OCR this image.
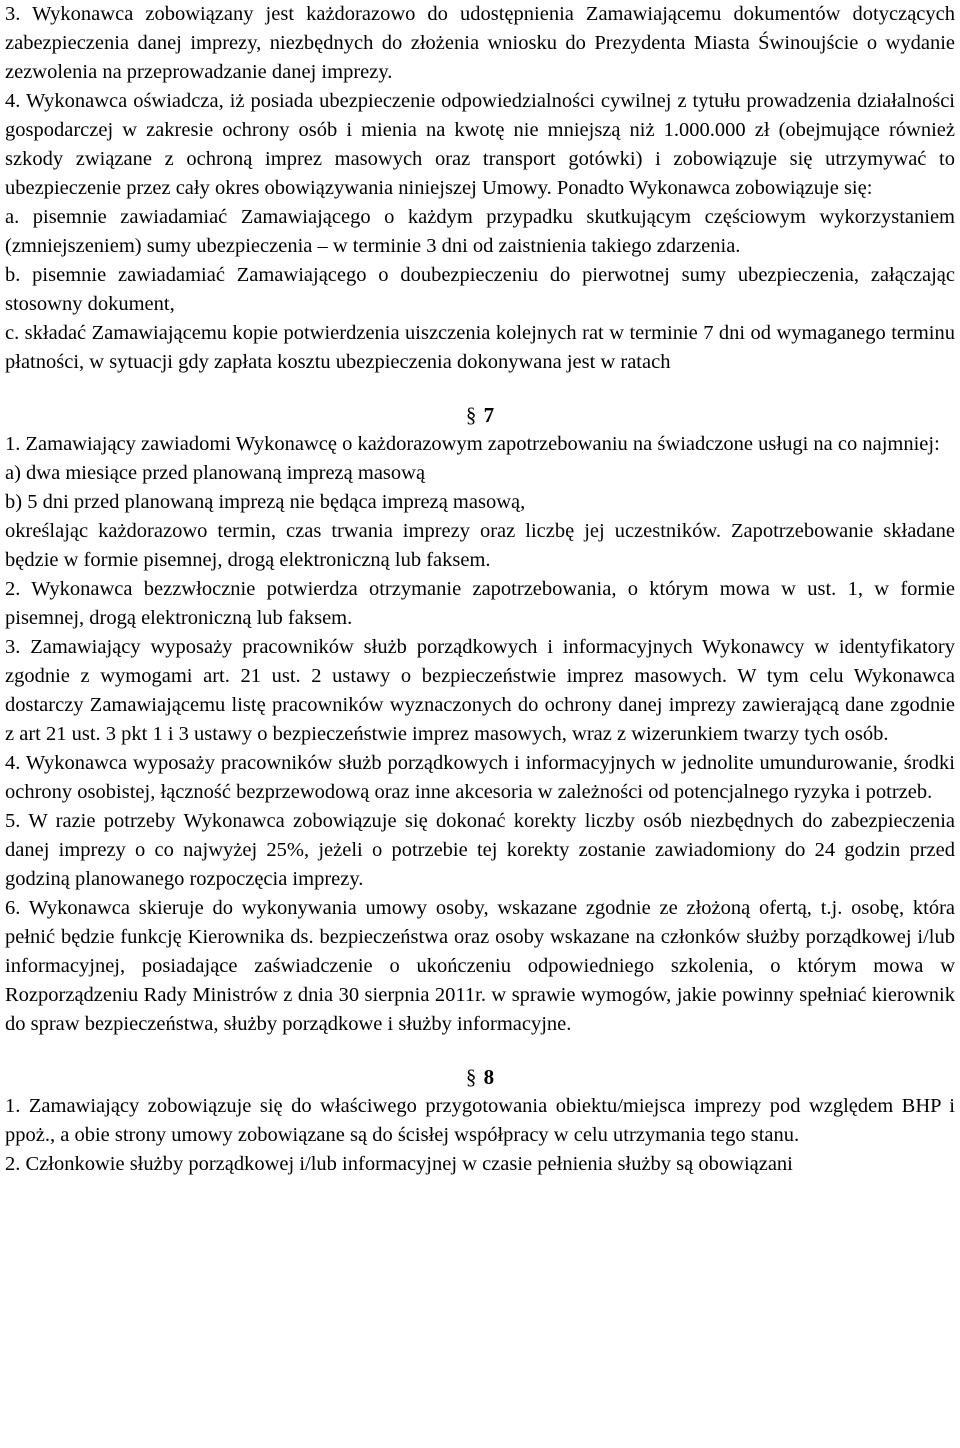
3. Wykonawca zobowiązany jest każdorazowo do udostępnienia Zamawiającemu dokumentów dotyczących zabezpieczenia danej imprezy, niezbędnych do złożenia wniosku do Prezydenta Miasta Świnoujście o wydanie zezwolenia na przeprowadzanie danej imprezy.

4. Wykonawca oświadcza, iż posiada ubezpieczenie odpowiedzialności cywilnej z tytułu prowadzenia działalności gospodarczej w zakresie ochrony osób i mienia na kwotę nie mniejszą niż 1.000.000 zł (obejmujące również szkody związane z ochroną imprez masowych oraz transport gotówki) i zobowiązuje się utrzymywać to ubezpieczenie przez cały okres obowiązywania niniejszej Umowy. Ponadto Wykonawca zobowiązuje się:

a. pisemnie zawiadamiać Zamawiającego o każdym przypadku skutkującym częściowym wykorzystaniem (zmniejszeniem) sumy ubezpieczenia – w terminie 3 dni od zaistnienia takiego zdarzenia.

b. pisemnie zawiadamiać Zamawiającego o doubezpieczeniu do pierwotnej sumy ubezpieczenia, załączając stosowny dokument,

c. składać Zamawiającemu kopie potwierdzenia uiszczenia kolejnych rat w terminie 7 dni od wymaganego terminu płatności, w sytuacji gdy zapłata kosztu ubezpieczenia dokonywana jest w ratach

§ 7

1. Zamawiający zawiadomi Wykonawcę o każdorazowym zapotrzebowaniu na świadczone usługi na co najmniej:

a) dwa miesiące przed planowaną imprezą masową

b) 5 dni przed planowaną imprezą nie będąca imprezą masową,

określając każdorazowo termin, czas trwania imprezy oraz liczbę jej uczestników. Zapotrzebowanie składane będzie w formie pisemnej, drogą elektroniczną lub faksem.

2. Wykonawca bezzwłocznie potwierdza otrzymanie zapotrzebowania, o którym mowa w ust. 1, w formie pisemnej, drogą elektroniczną lub faksem.

3. Zamawiający wyposaży pracowników służb porządkowych i informacyjnych Wykonawcy w identyfikatory zgodnie z wymogami art. 21 ust. 2 ustawy o bezpieczeństwie imprez masowych. W tym celu Wykonawca dostarczy Zamawiającemu listę pracowników wyznaczonych do ochrony danej imprezy zawierającą dane zgodnie z art 21 ust. 3 pkt 1 i 3 ustawy o bezpieczeństwie imprez masowych, wraz z wizerunkiem twarzy tych osób.

4. Wykonawca wyposaży pracowników służb porządkowych i informacyjnych w jednolite umundurowanie, środki ochrony osobistej, łączność bezprzewodową oraz inne akcesoria w zależności od potencjalnego ryzyka i potrzeb.

5. W razie potrzeby Wykonawca zobowiązuje się dokonać korekty liczby osób niezbędnych do zabezpieczenia danej imprezy o co najwyżej 25%, jeżeli o potrzebie tej korekty zostanie zawiadomiony do 24 godzin przed godziną planowanego rozpoczęcia imprezy.

6. Wykonawca skieruje do wykonywania umowy osoby, wskazane zgodnie ze złożoną ofertą, t.j. osobę, która pełnić będzie funkcję Kierownika ds. bezpieczeństwa oraz osoby wskazane na członków służby porządkowej i/lub informacyjnej, posiadające zaświadczenie o ukończeniu odpowiedniego szkolenia, o którym mowa w Rozporządzeniu Rady Ministrów z dnia 30 sierpnia 2011r. w sprawie wymogów, jakie powinny spełniać kierownik do spraw bezpieczeństwa, służby porządkowe i służby informacyjne.

§ 8

1. Zamawiający zobowiązuje się do właściwego przygotowania obiektu/miejsca imprezy pod względem BHP i ppoż., a obie strony umowy zobowiązane są do ścisłej współpracy w celu utrzymania tego stanu.

2. Członkowie służby porządkowej i/lub informacyjnej w czasie pełnienia służby są obowiązani
